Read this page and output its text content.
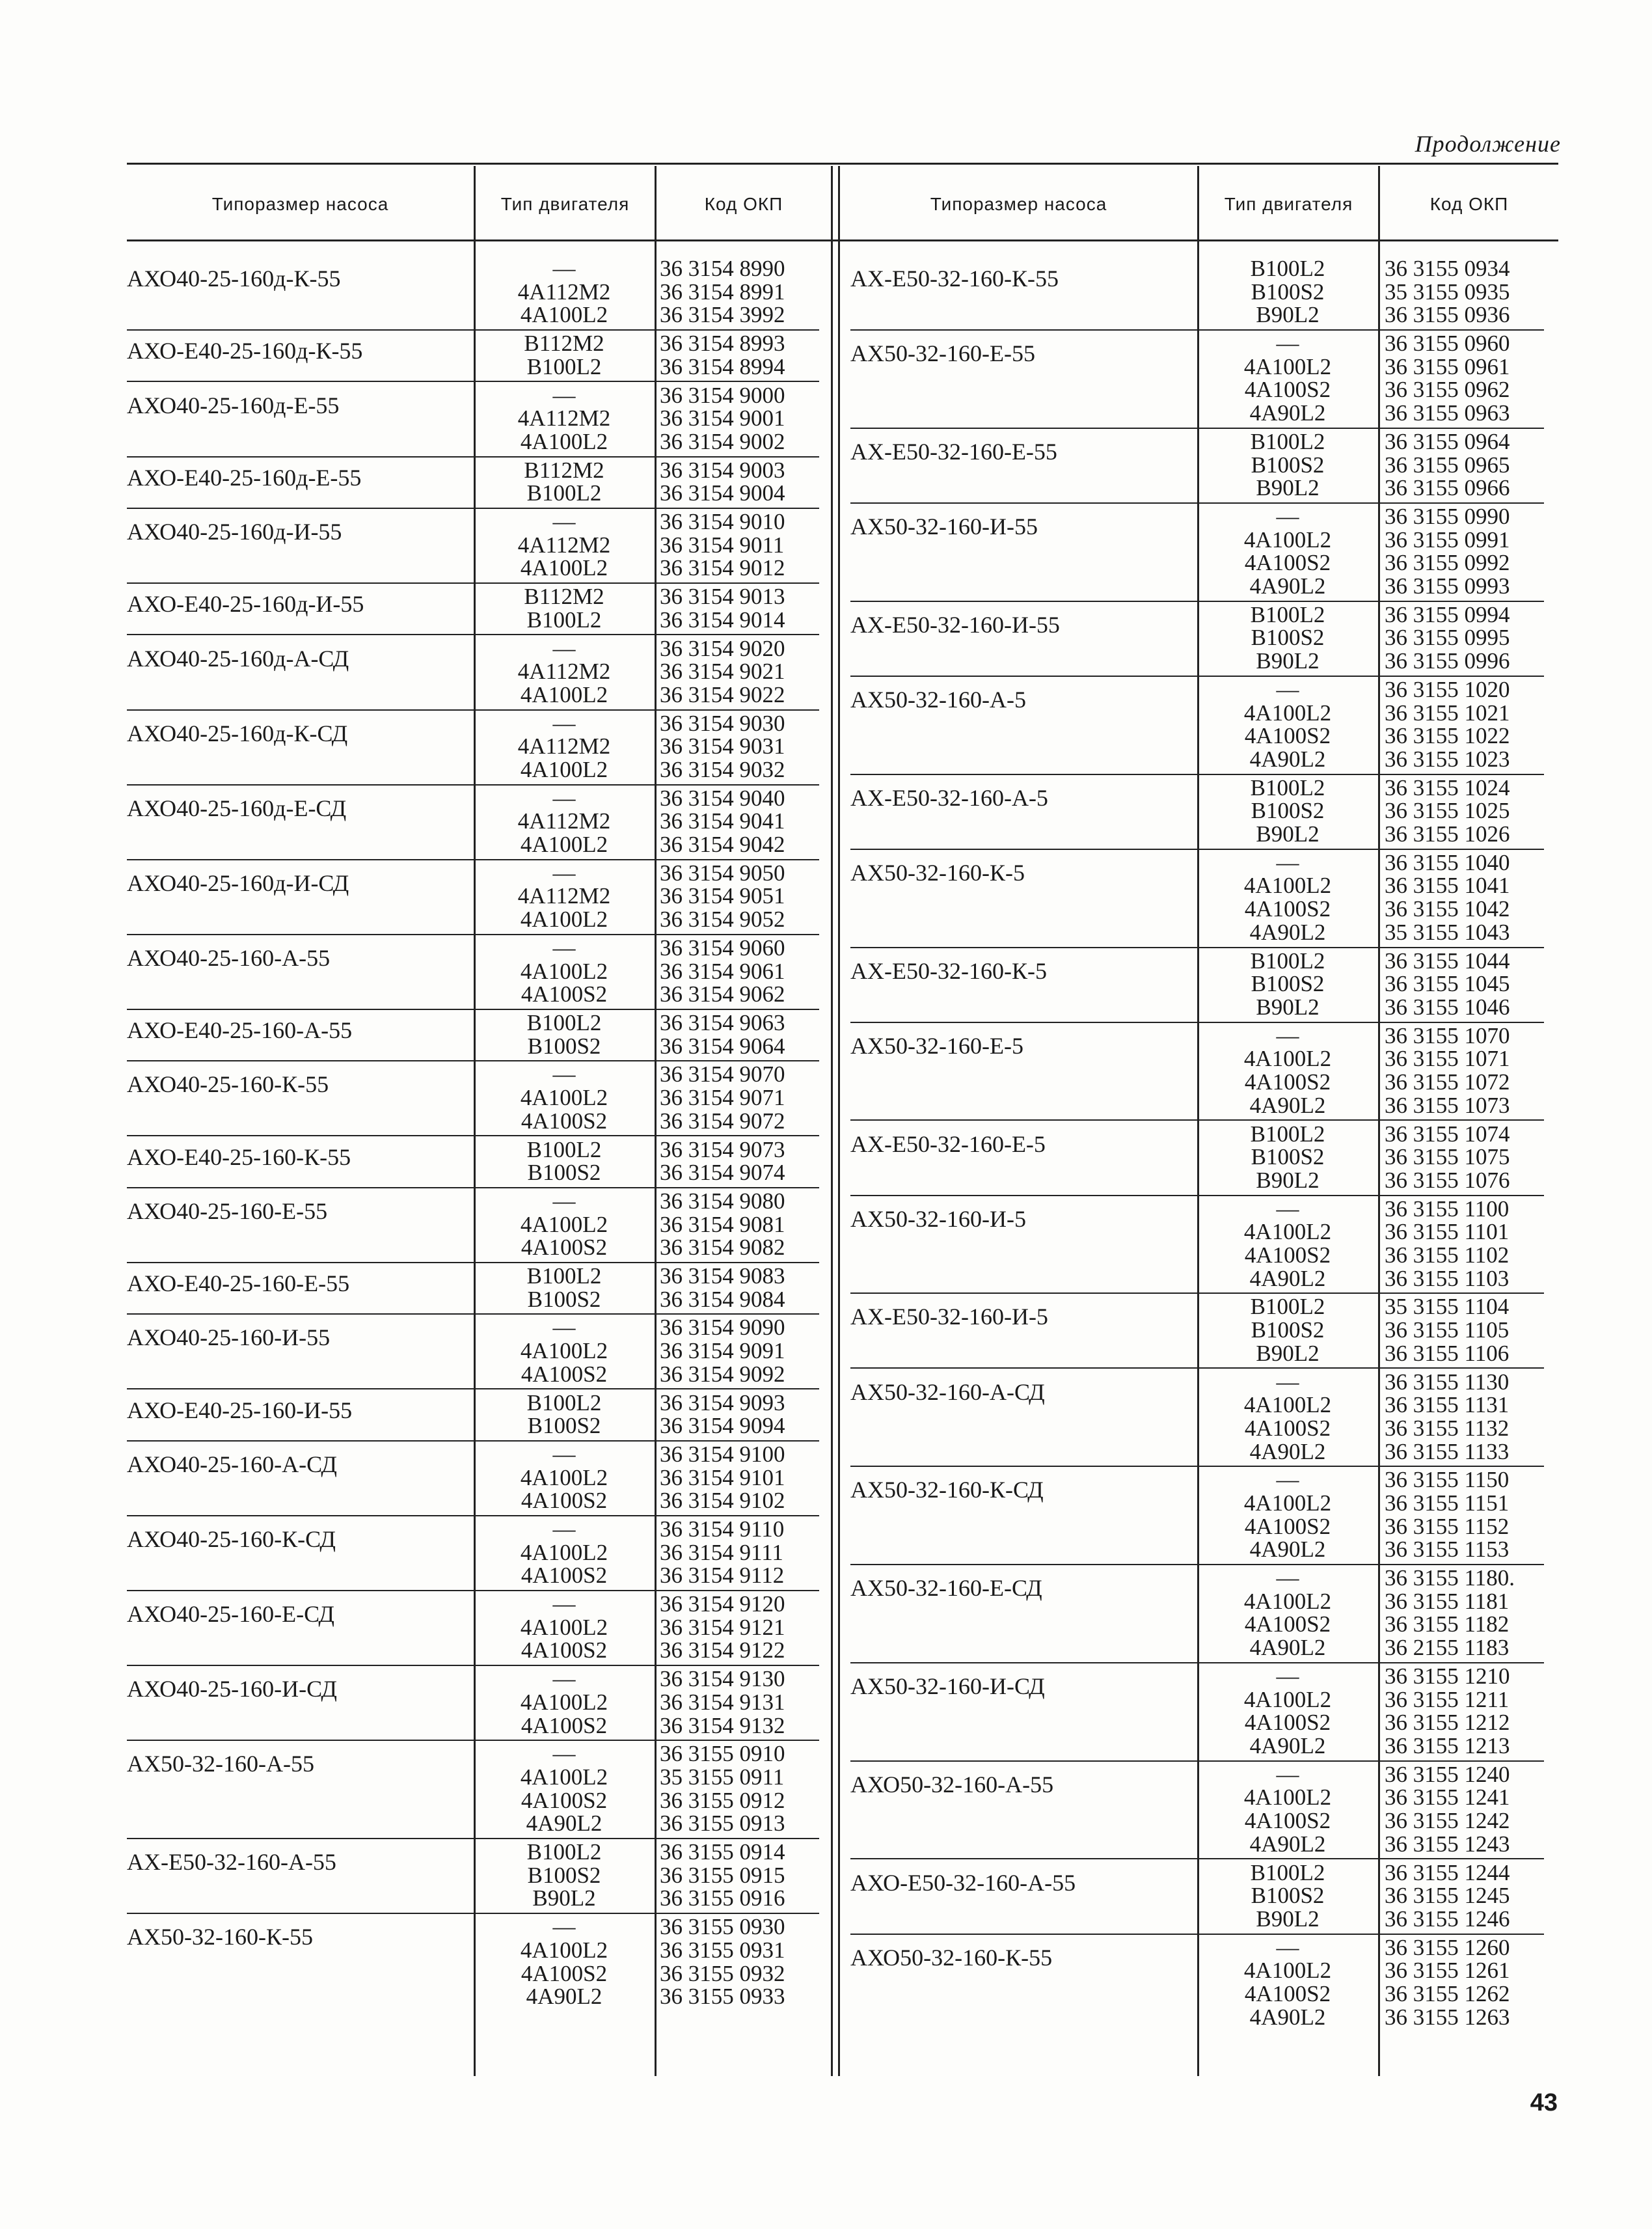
Продолжение
Типоразмер насоса	Тип двигателя	Код ОКП	Типоразмер насоса	Тип двигателя	Код ОКП
АХО40-25-160д-К-55	—	36 3154 8990
4А112М2	36 3154 8991
4А100L2	36 3154 3992
АХО-Е40-25-160д-К-55	В112М2	36 3154 8993
В100L2	36 3154 8994
АХО40-25-160д-Е-55	—	36 3154 9000
4А112М2	36 3154 9001
4А100L2	36 3154 9002
АХО-Е40-25-160д-Е-55	В112М2	36 3154 9003
В100L2	36 3154 9004
АХО40-25-160д-И-55	—	36 3154 9010
4А112М2	36 3154 9011
4А100L2	36 3154 9012
АХО-Е40-25-160д-И-55	В112М2	36 3154 9013
В100L2	36 3154 9014
АХО40-25-160д-А-СД	—	36 3154 9020
4А112М2	36 3154 9021
4А100L2	36 3154 9022
АХО40-25-160д-К-СД	—	36 3154 9030
4А112М2	36 3154 9031
4А100L2	36 3154 9032
АХО40-25-160д-Е-СД	—	36 3154 9040
4А112М2	36 3154 9041
4А100L2	36 3154 9042
АХО40-25-160д-И-СД	—	36 3154 9050
4А112М2	36 3154 9051
4А100L2	36 3154 9052
АХО40-25-160-А-55	—	36 3154 9060
4А100L2	36 3154 9061
4А100S2	36 3154 9062
АХО-Е40-25-160-А-55	В100L2	36 3154 9063
В100S2	36 3154 9064
АХО40-25-160-К-55	—	36 3154 9070
4А100L2	36 3154 9071
4А100S2	36 3154 9072
АХО-Е40-25-160-К-55	В100L2	36 3154 9073
В100S2	36 3154 9074
АХО40-25-160-Е-55	—	36 3154 9080
4А100L2	36 3154 9081
4А100S2	36 3154 9082
АХО-Е40-25-160-Е-55	В100L2	36 3154 9083
В100S2	36 3154 9084
АХО40-25-160-И-55	—	36 3154 9090
4А100L2	36 3154 9091
4А100S2	36 3154 9092
АХО-Е40-25-160-И-55	В100L2	36 3154 9093
В100S2	36 3154 9094
АХО40-25-160-А-СД	—	36 3154 9100
4А100L2	36 3154 9101
4А100S2	36 3154 9102
АХО40-25-160-К-СД	—	36 3154 9110
4А100L2	36 3154 9111
4А100S2	36 3154 9112
АХО40-25-160-Е-СД	—	36 3154 9120
4А100L2	36 3154 9121
4А100S2	36 3154 9122
АХО40-25-160-И-СД	—	36 3154 9130
4А100L2	36 3154 9131
4А100S2	36 3154 9132
АХ50-32-160-А-55	—	36 3155 0910
4А100L2	35 3155 0911
4А100S2	36 3155 0912
4А90L2	36 3155 0913
АХ-Е50-32-160-А-55	В100L2	36 3155 0914
В100S2	36 3155 0915
В90L2	36 3155 0916
АХ50-32-160-К-55	—	36 3155 0930
4А100L2	36 3155 0931
4А100S2	36 3155 0932
4А90L2	36 3155 0933
АХ-Е50-32-160-К-55	В100L2	36 3155 0934
В100S2	35 3155 0935
В90L2	36 3155 0936
АХ50-32-160-Е-55	—	36 3155 0960
4А100L2	36 3155 0961
4А100S2	36 3155 0962
4А90L2	36 3155 0963
АХ-Е50-32-160-Е-55	В100L2	36 3155 0964
В100S2	36 3155 0965
В90L2	36 3155 0966
АХ50-32-160-И-55	—	36 3155 0990
4А100L2	36 3155 0991
4А100S2	36 3155 0992
4А90L2	36 3155 0993
АХ-Е50-32-160-И-55	В100L2	36 3155 0994
В100S2	36 3155 0995
В90L2	36 3155 0996
АХ50-32-160-А-5	—	36 3155 1020
4А100L2	36 3155 1021
4А100S2	36 3155 1022
4А90L2	36 3155 1023
АХ-Е50-32-160-А-5	В100L2	36 3155 1024
В100S2	36 3155 1025
В90L2	36 3155 1026
АХ50-32-160-К-5	—	36 3155 1040
4А100L2	36 3155 1041
4А100S2	36 3155 1042
4А90L2	35 3155 1043
АХ-Е50-32-160-К-5	В100L2	36 3155 1044
В100S2	36 3155 1045
В90L2	36 3155 1046
АХ50-32-160-Е-5	—	36 3155 1070
4А100L2	36 3155 1071
4А100S2	36 3155 1072
4А90L2	36 3155 1073
АХ-Е50-32-160-Е-5	В100L2	36 3155 1074
В100S2	36 3155 1075
В90L2	36 3155 1076
АХ50-32-160-И-5	—	36 3155 1100
4А100L2	36 3155 1101
4А100S2	36 3155 1102
4А90L2	36 3155 1103
АХ-Е50-32-160-И-5	В100L2	35 3155 1104
В100S2	36 3155 1105
В90L2	36 3155 1106
АХ50-32-160-А-СД	—	36 3155 1130
4А100L2	36 3155 1131
4А100S2	36 3155 1132
4А90L2	36 3155 1133
АХ50-32-160-К-СД	—	36 3155 1150
4А100L2	36 3155 1151
4А100S2	36 3155 1152
4А90L2	36 3155 1153
АХ50-32-160-Е-СД	—	36 3155 1180.
4А100L2	36 3155 1181
4А100S2	36 3155 1182
4А90L2	36 2155 1183
АХ50-32-160-И-СД	—	36 3155 1210
4А100L2	36 3155 1211
4А100S2	36 3155 1212
4А90L2	36 3155 1213
АХО50-32-160-А-55	—	36 3155 1240
4А100L2	36 3155 1241
4А100S2	36 3155 1242
4А90L2	36 3155 1243
АХО-Е50-32-160-А-55	В100L2	36 3155 1244
В100S2	36 3155 1245
В90L2	36 3155 1246
АХО50-32-160-К-55	—	36 3155 1260
4А100L2	36 3155 1261
4А100S2	36 3155 1262
4А90L2	36 3155 1263
43
